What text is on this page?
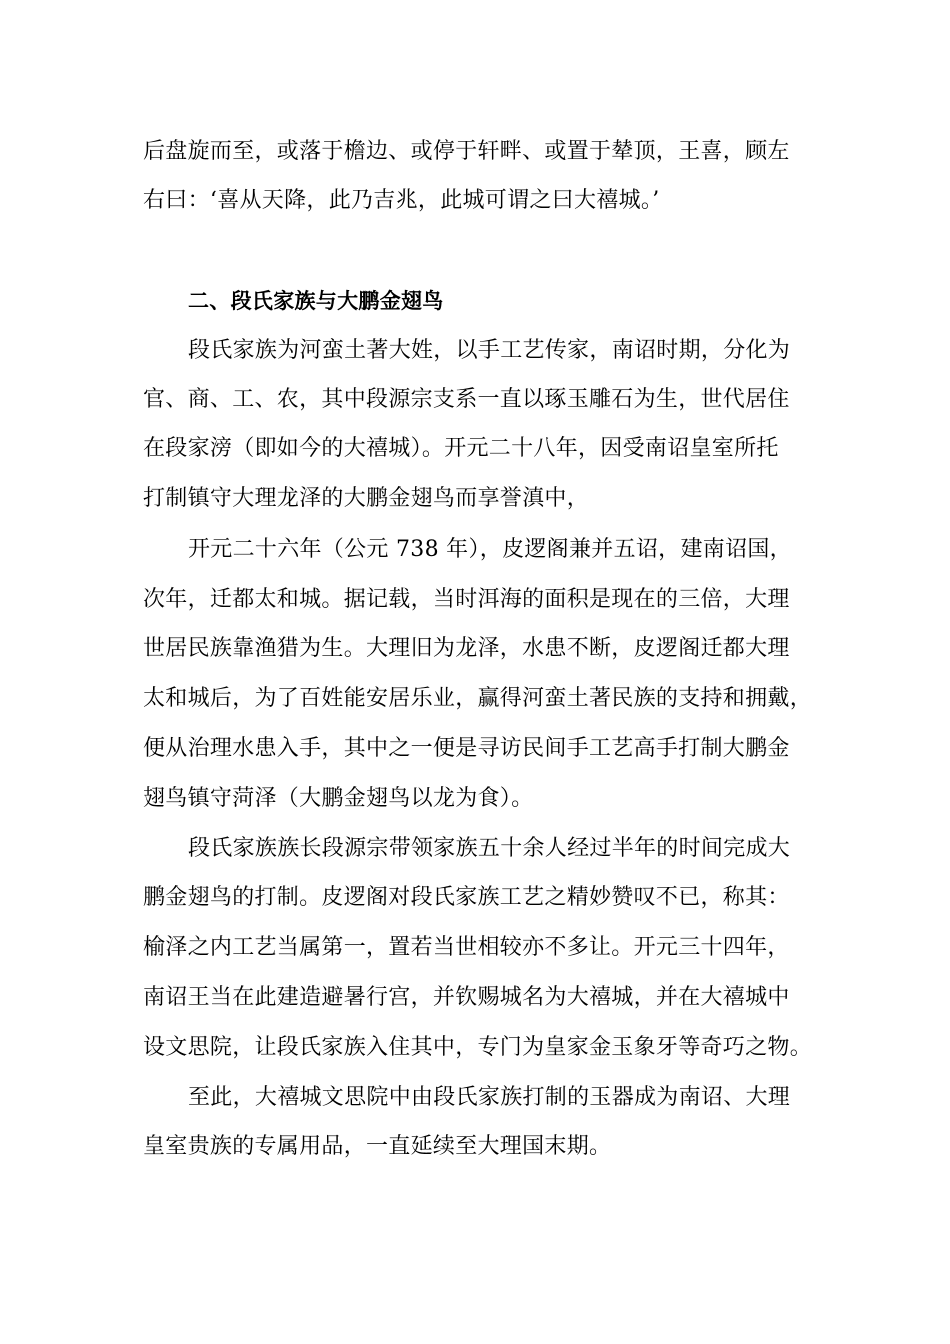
后盘旋而至，或落于檐边、或停于轩畔、或置于辇顶，王喜，顾左
右曰：‘喜从天降，此乃吉兆，此城可谓之曰大禧城。’
二、段氏家族与大鹏金翅鸟
段氏家族为河蛮土著大姓，以手工艺传家，南诏时期，分化为
官、商、工、农，其中段源宗支系一直以琢玉雕石为生，世代居住
在段家滂（即如今的大禧城）。开元二十八年，因受南诏皇室所托
打制镇守大理龙泽的大鹏金翅鸟而享誉滇中，
开元二十六年（公元 738 年），皮逻阁兼并五诏，建南诏国，
次年，迁都太和城。据记载，当时洱海的面积是现在的三倍，大理
世居民族靠渔猎为生。大理旧为龙泽，水患不断，皮逻阁迁都大理
太和城后，为了百姓能安居乐业，赢得河蛮土著民族的支持和拥戴，
便从治理水患入手，其中之一便是寻访民间手工艺高手打制大鹏金
翅鸟镇守菏泽（大鹏金翅鸟以龙为食）。
段氏家族族长段源宗带领家族五十余人经过半年的时间完成大
鹏金翅鸟的打制。皮逻阁对段氏家族工艺之精妙赞叹不已，称其：
榆泽之内工艺当属第一，置若当世相较亦不多让。开元三十四年，
南诏王当在此建造避暑行宫，并钦赐城名为大禧城，并在大禧城中
设文思院，让段氏家族入住其中，专门为皇家金玉象牙等奇巧之物。
至此，大禧城文思院中由段氏家族打制的玉器成为南诏、大理
皇室贵族的专属用品，一直延续至大理国末期。
